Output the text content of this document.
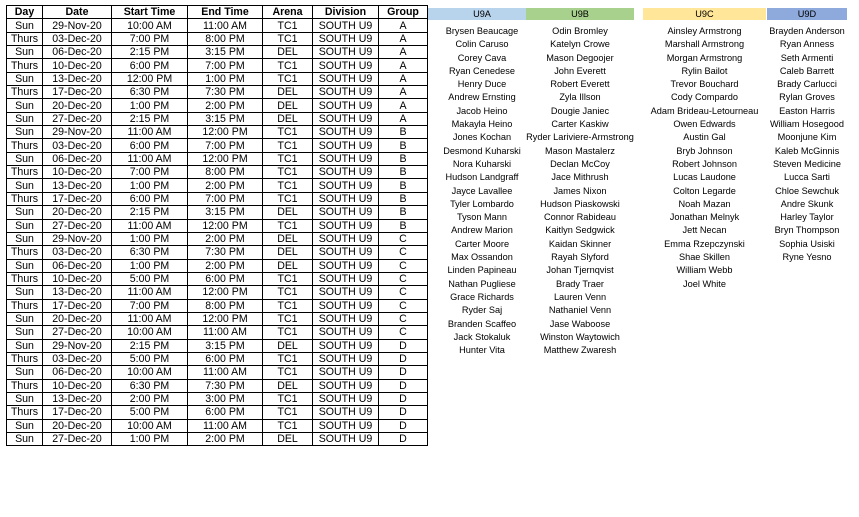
Day	Date	Start Time	End Time	Arena	Division	Group
Sun	29-Nov-20	10:00 AM	11:00 AM	TC1	SOUTH U9	A
Thurs	03-Dec-20	7:00 PM	8:00 PM	TC1	SOUTH U9	A
Sun	06-Dec-20	2:15 PM	3:15 PM	DEL	SOUTH U9	A
Thurs	10-Dec-20	6:00 PM	7:00 PM	TC1	SOUTH U9	A
Sun	13-Dec-20	12:00 PM	1:00 PM	TC1	SOUTH U9	A
Thurs	17-Dec-20	6:30 PM	7:30 PM	DEL	SOUTH U9	A
Sun	20-Dec-20	1:00 PM	2:00 PM	DEL	SOUTH U9	A
Sun	27-Dec-20	2:15 PM	3:15 PM	DEL	SOUTH U9	A
Sun	29-Nov-20	11:00 AM	12:00 PM	TC1	SOUTH U9	B
Thurs	03-Dec-20	6:00 PM	7:00 PM	TC1	SOUTH U9	B
Sun	06-Dec-20	11:00 AM	12:00 PM	TC1	SOUTH U9	B
Thurs	10-Dec-20	7:00 PM	8:00 PM	TC1	SOUTH U9	B
Sun	13-Dec-20	1:00 PM	2:00 PM	TC1	SOUTH U9	B
Thurs	17-Dec-20	6:00 PM	7:00 PM	TC1	SOUTH U9	B
Sun	20-Dec-20	2:15 PM	3:15 PM	DEL	SOUTH U9	B
Sun	27-Dec-20	11:00 AM	12:00 PM	TC1	SOUTH U9	B
Sun	29-Nov-20	1:00 PM	2:00 PM	DEL	SOUTH U9	C
Thurs	03-Dec-20	6:30 PM	7:30 PM	DEL	SOUTH U9	C
Sun	06-Dec-20	1:00 PM	2:00 PM	DEL	SOUTH U9	C
Thurs	10-Dec-20	5:00 PM	6:00 PM	TC1	SOUTH U9	C
Sun	13-Dec-20	11:00 AM	12:00 PM	TC1	SOUTH U9	C
Thurs	17-Dec-20	7:00 PM	8:00 PM	TC1	SOUTH U9	C
Sun	20-Dec-20	11:00 AM	12:00 PM	TC1	SOUTH U9	C
Sun	27-Dec-20	10:00 AM	11:00 AM	TC1	SOUTH U9	C
Sun	29-Nov-20	2:15 PM	3:15 PM	DEL	SOUTH U9	D
Thurs	03-Dec-20	5:00 PM	6:00 PM	TC1	SOUTH U9	D
Sun	06-Dec-20	10:00 AM	11:00 AM	TC1	SOUTH U9	D
Thurs	10-Dec-20	6:30 PM	7:30 PM	DEL	SOUTH U9	D
Sun	13-Dec-20	2:00 PM	3:00 PM	TC1	SOUTH U9	D
Thurs	17-Dec-20	5:00 PM	6:00 PM	TC1	SOUTH U9	D
Sun	20-Dec-20	10:00 AM	11:00 AM	TC1	SOUTH U9	D
Sun	27-Dec-20	1:00 PM	2:00 PM	DEL	SOUTH U9	D
U9A
Brysen Beaucage
Colin Caruso
Corey Cava
Ryan Cenedese
Henry Duce
Andrew Ernsting
Jacob Heino
Makayla Heino
Jones Kochan
Desmond Kuharski
Nora Kuharski
Hudson Landgraff
Jayce Lavallee
Tyler Lombardo
Tyson Mann
Andrew Marion
Carter Moore
Max Ossandon
Linden Papineau
Nathan Pugliese
Grace Richards
Ryder Saj
Branden Scaffeo
Jack Stokaluk
Hunter Vita
U9B
Odin Bromley
Katelyn Crowe
Mason Degoojer
John Everett
Robert Everett
Zyla Illson
Dougie Janiec
Carter Kaskiw
Ryder Lariviere-Armstrong
Mason Mastalerz
Declan McCoy
Jace Mithrush
James Nixon
Hudson Piaskowski
Connor Rabideau
Kaitlyn Sedgwick
Kaidan Skinner
Rayah Slyford
Johan Tjernqvist
Brady Traer
Lauren Venn
Nathaniel Venn
Jase Waboose
Winston Waytowich
Matthew Zwaresh
U9C
Ainsley Armstrong
Marshall Armstrong
Morgan Armstrong
Rylin Bailot
Trevor Bouchard
Cody Compardo
Adam Brideau-Letourneau
Owen Edwards
Austin Gal
Bryb Johnson
Robert Johnson
Lucas Laudone
Colton Legarde
Noah Mazan
Jonathan Melnyk
Jett Necan
Emma Rzepczynski
Shae Skillen
William Webb
Joel White
U9D
Brayden Anderson
Ryan Anness
Seth Armenti
Caleb Barrett
Brady Carlucci
Rylan Groves
Easton Harris
William Hosegood
Moonjune Kim
Kaleb McGinnis
Steven Medicine
Lucca Sarti
Chloe Sewchuk
Andre Skunk
Harley Taylor
Bryn Thompson
Sophia Usiski
Ryne Yesno
